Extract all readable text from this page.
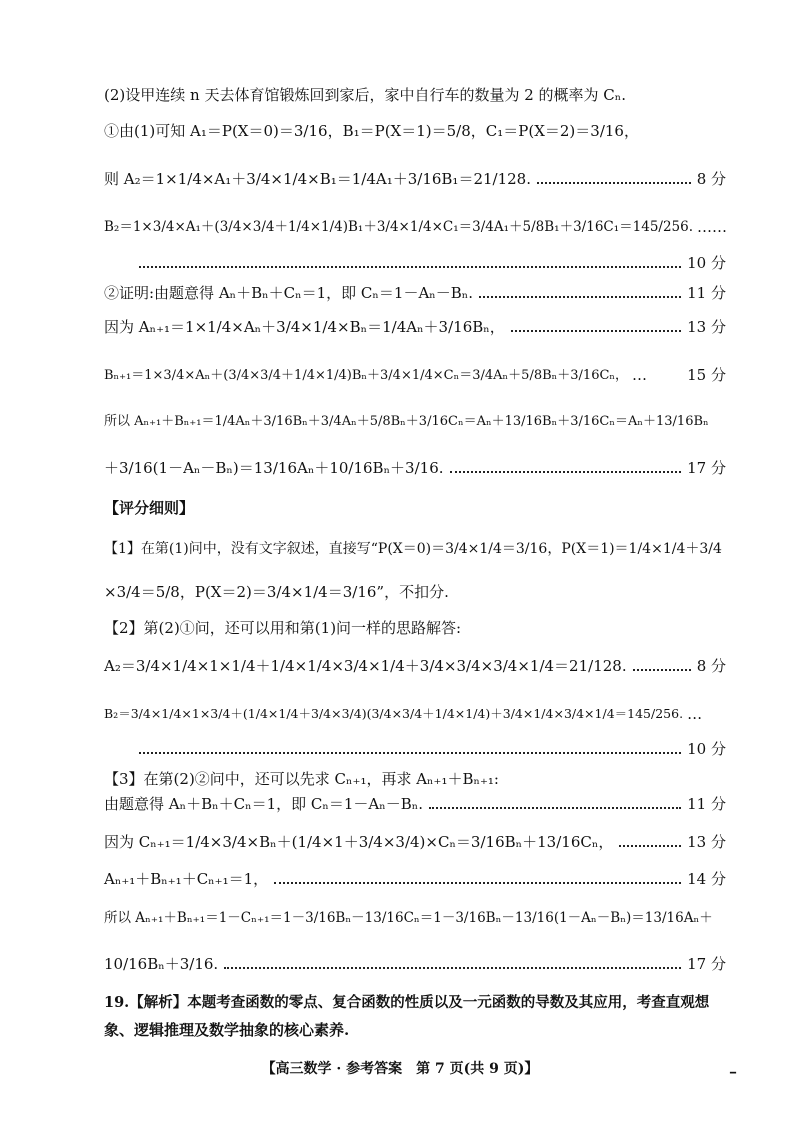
(2)设甲连续 n 天去体育馆锻炼回到家后，家中自行车的数量为 2 的概率为 Cₙ.
①由(1)可知 A₁＝P(X＝0)＝3/16，B₁＝P(X＝1)＝5/8，C₁＝P(X＝2)＝3/16，
则 A₂＝1×1/4×A₁＋3/4×1/4×B₁＝1/4A₁＋3/16B₁＝21/128.	8 分
B₂＝1×3/4×A₁＋(3/4×3/4＋1/4×1/4)B₁＋3/4×1/4×C₁＝3/4A₁＋5/8B₁＋3/16C₁＝145/256. ……
10 分
②证明:由题意得 Aₙ＋Bₙ＋Cₙ＝1，即 Cₙ＝1－Aₙ－Bₙ.	11 分
因为 Aₙ₊₁＝1×1/4×Aₙ＋3/4×1/4×Bₙ＝1/4Aₙ＋3/16Bₙ，	13 分
Bₙ₊₁＝1×3/4×Aₙ＋(3/4×3/4＋1/4×1/4)Bₙ＋3/4×1/4×Cₙ＝3/4Aₙ＋5/8Bₙ＋3/16Cₙ， …	15 分
所以 Aₙ₊₁＋Bₙ₊₁＝1/4Aₙ＋3/16Bₙ＋3/4Aₙ＋5/8Bₙ＋3/16Cₙ＝Aₙ＋13/16Bₙ＋3/16Cₙ＝Aₙ＋13/16Bₙ
＋3/16(1－Aₙ－Bₙ)＝13/16Aₙ＋10/16Bₙ＋3/16.	17 分
【评分细则】
【1】在第(1)问中，没有文字叙述，直接写“P(X＝0)＝3/4×1/4＝3/16，P(X＝1)＝1/4×1/4＋3/4
×3/4＝5/8，P(X＝2)＝3/4×1/4＝3/16”，不扣分.
【2】第(2)①问，还可以用和第(1)问一样的思路解答:
A₂＝3/4×1/4×1×1/4＋1/4×1/4×3/4×1/4＋3/4×3/4×3/4×1/4＝21/128.	8 分
B₂＝3/4×1/4×1×3/4＋(1/4×1/4＋3/4×3/4)(3/4×3/4＋1/4×1/4)＋3/4×1/4×3/4×1/4＝145/256. …
10 分
【3】在第(2)②问中，还可以先求 Cₙ₊₁，再求 Aₙ₊₁＋Bₙ₊₁:
由题意得 Aₙ＋Bₙ＋Cₙ＝1，即 Cₙ＝1－Aₙ－Bₙ.	11 分
因为 Cₙ₊₁＝1/4×3/4×Bₙ＋(1/4×1＋3/4×3/4)×Cₙ＝3/16Bₙ＋13/16Cₙ，	13 分
Aₙ₊₁＋Bₙ₊₁＋Cₙ₊₁＝1，	14 分
所以 Aₙ₊₁＋Bₙ₊₁＝1－Cₙ₊₁＝1－3/16Bₙ－13/16Cₙ＝1－3/16Bₙ－13/16(1－Aₙ－Bₙ)＝13/16Aₙ＋
10/16Bₙ＋3/16.	17 分
19.【解析】本题考查函数的零点、复合函数的性质以及一元函数的导数及其应用，考查直观想
象、逻辑推理及数学抽象的核心素养.
【高三数学 · 参考答案　第 7 页(共 9 页)】	━
